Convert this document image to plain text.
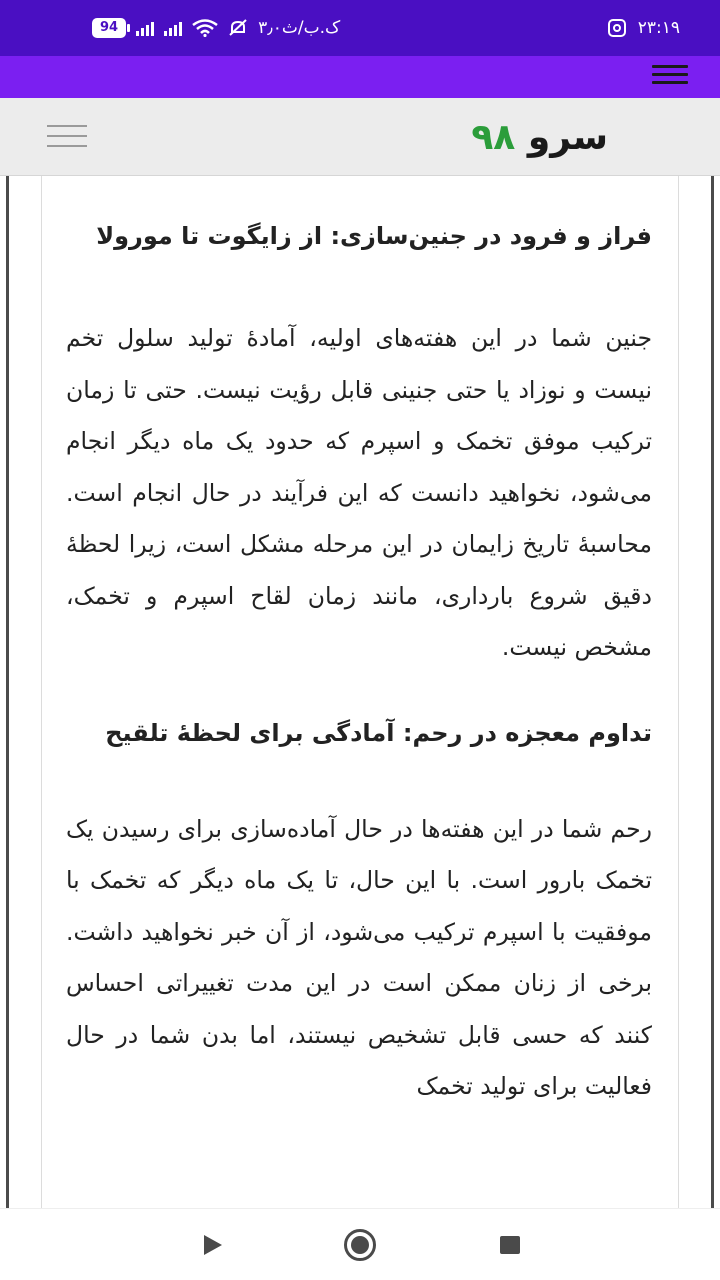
94	۳٫۰ک.ب/ث	۲۳:۱۹
سرو ۹۸
فراز و فرود در جنین‌سازی: از زایگوت تا مورولا

جنین شما در این هفته‌های اولیه، آمادهٔ تولید سلول تخم نیست و نوزاد یا حتی جنینی قابل رؤیت نیست. حتی تا زمان ترکیب موفق تخمک و اسپرم که حدود یک ماه دیگر انجام می‌شود، نخواهید دانست که این فرآیند در حال انجام است. محاسبهٔ تاریخ زایمان در این مرحله مشکل است، زیرا لحظهٔ دقیق شروع بارداری، مانند زمان لقاح اسپرم و تخمک، مشخص نیست.

تداوم معجزه در رحم: آمادگی برای لحظهٔ تلقیح

رحم شما در این هفته‌ها در حال آماده‌سازی برای رسیدن یک تخمک بارور است. با این حال، تا یک ماه دیگر که تخمک با موفقیت با اسپرم ترکیب می‌شود، از آن خبر نخواهید داشت. برخی از زنان ممکن است در این مدت تغییراتی احساس کنند که حسی قابل تشخیص نیستند، اما بدن شما در حال فعالیت برای تولید تخمک
